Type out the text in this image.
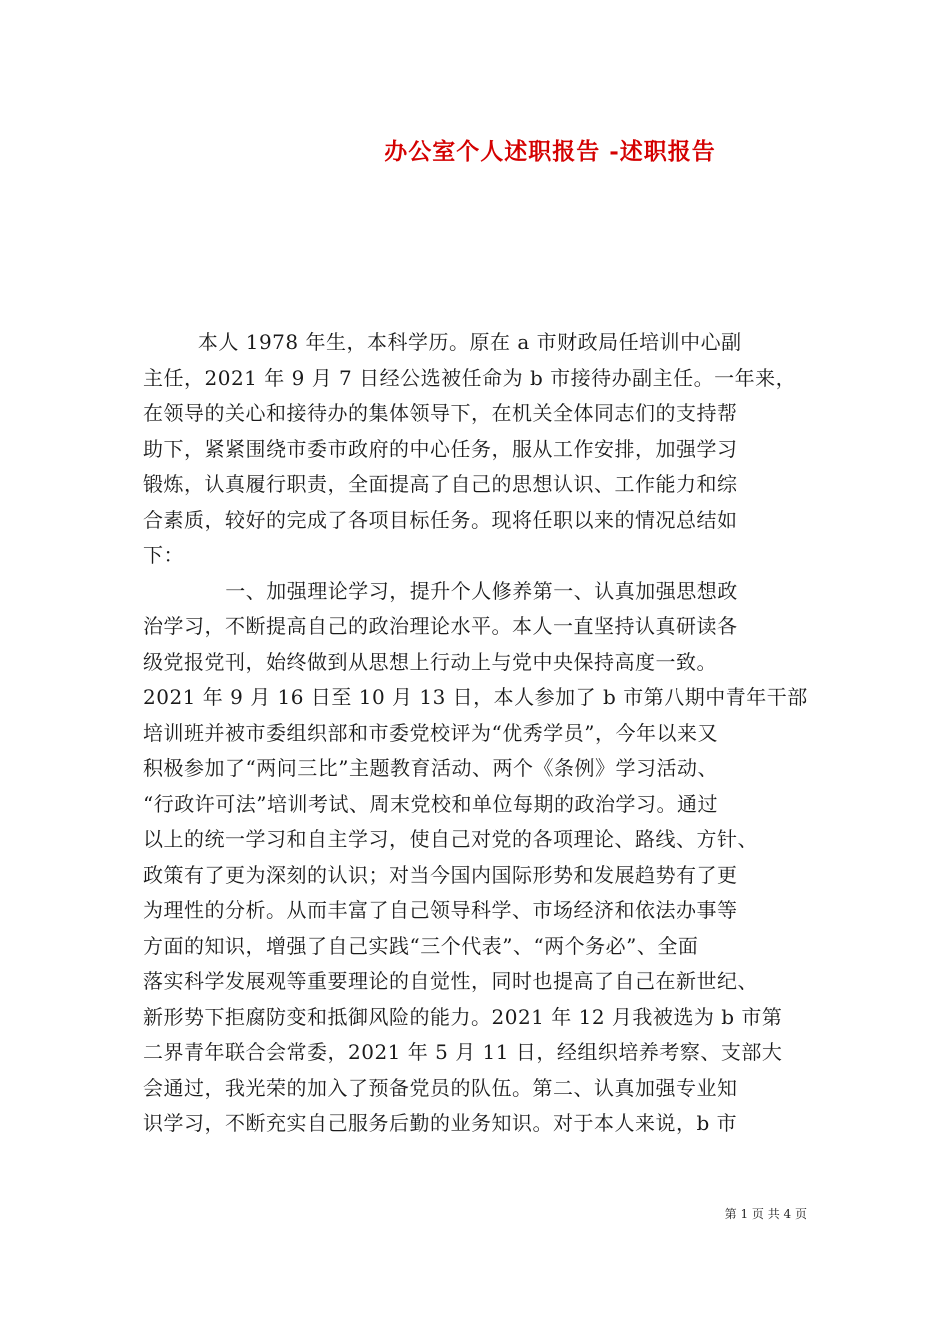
办公室个人述职报告 -述职报告
本人 1978 年生，本科学历。原在 a 市财政局任培训中心副
主任，2021 年 9 月 7 日经公选被任命为 b 市接待办副主任。一年来，
在领导的关心和接待办的集体领导下，在机关全体同志们的支持帮
助下，紧紧围绕市委市政府的中心任务，服从工作安排，加强学习
锻炼，认真履行职责，全面提高了自己的思想认识、工作能力和综
合素质，较好的完成了各项目标任务。现将任职以来的情况总结如
下：
一、加强理论学习，提升个人修养第一、认真加强思想政
治学习，不断提高自己的政治理论水平。本人一直坚持认真研读各
级党报党刊，始终做到从思想上行动上与党中央保持高度一致。
2021 年 9 月 16 日至 10 月 13 日，本人参加了 b 市第八期中青年干部
培训班并被市委组织部和市委党校评为“优秀学员”，今年以来又
积极参加了“两问三比”主题教育活动、两个《条例》学习活动、
“行政许可法”培训考试、周末党校和单位每期的政治学习。通过
以上的统一学习和自主学习，使自己对党的各项理论、路线、方针、
政策有了更为深刻的认识；对当今国内国际形势和发展趋势有了更
为理性的分析。从而丰富了自己领导科学、市场经济和依法办事等
方面的知识，增强了自己实践“三个代表”、“两个务必”、全面
落实科学发展观等重要理论的自觉性，同时也提高了自己在新世纪、
新形势下拒腐防变和抵御风险的能力。2021 年 12 月我被选为 b 市第
二界青年联合会常委，2021 年 5 月 11 日，经组织培养考察、支部大
会通过，我光荣的加入了预备党员的队伍。第二、认真加强专业知
识学习，不断充实自己服务后勤的业务知识。对于本人来说，b 市
第 1 页 共 4 页
